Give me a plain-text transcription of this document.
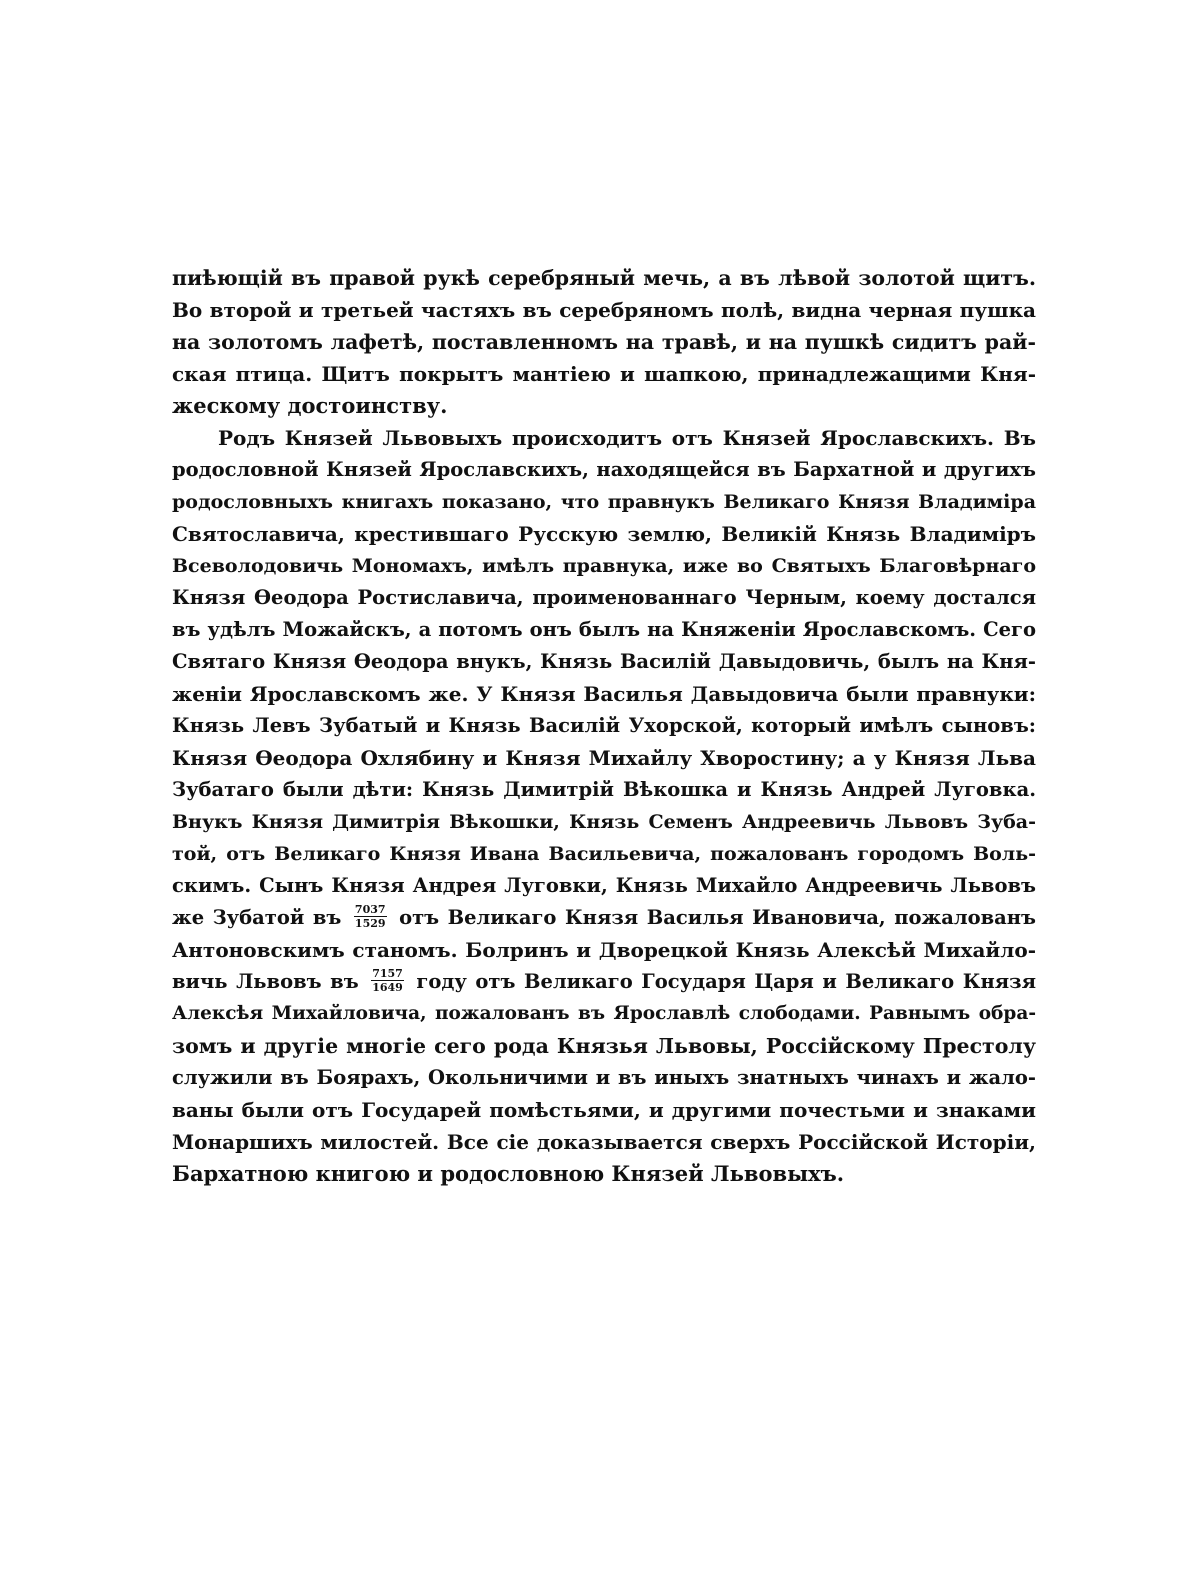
пиѣющій въ правой рукѣ серебряный мечь, а въ лѣвой золотой щитъ.
Во второй и третьей частяхъ въ серебряномъ полѣ, видна черная пушка
на золотомъ лафетѣ, поставленномъ на травѣ, и на пушкѣ сидитъ рай-
ская птица. Щитъ покрытъ мантiею и шапкою, принадлежащими Кня-
жескому достоинству.
Родъ Князей Львовыхъ происходитъ отъ Князей Ярославскихъ. Въ
родословной Князей Ярославскихъ, находящейся въ Бархатной и другихъ
родословныхъ книгахъ показано, что правнукъ Великаго Князя Владиміра
Святославича, крестившаго Русскую землю, Великій Князь Владиміръ
Всеволодовичь Мономахъ, имѣлъ правнука, иже во Святыхъ Благовѣрнаго
Князя Өеодора Ростиславича, проименованнаго Черным, коему достался
въ удѣлъ Можайскъ, а потомъ онъ былъ на Княженіи Ярославскомъ. Сего
Святаго Князя Өеодора внукъ, Князь Василій Давыдовичь, былъ на Кня-
женіи Ярославскомъ же. У Князя Василья Давыдовича были правнуки:
Князь Левъ Зубатый и Князь Василій Ухорской, который имѣлъ сыновъ:
Князя Өеодора Охлябину и Князя Михайлу Хворостину; а у Князя Льва
Зубатаго были дѣти: Князь Димитрій Вѣкошка и Князь Андрей Луговка.
Внукъ Князя Димитрія Вѣкошки, Князь Семенъ Андреевичь Львовъ Зуба-
той, отъ Великаго Князя Ивана Васильевича, пожалованъ городомъ Воль-
скимъ. Сынъ Князя Андрея Луговки, Князь Михайло Андреевичь Львовъ
же Зубатой въ $\frac{7037}{1529}$ отъ Великаго Князя Василья Ивановича, пожалованъ
Антоновскимъ станомъ. Болринъ и Дворецкой Князь Алексѣй Михайло-
вичь Львовъ въ $\frac{7157}{1649}$ году отъ Великаго Государя Царя и Великаго Князя
Алексѣя Михайловича, пожалованъ въ Ярославлѣ слободами. Равнымъ обра-
зомъ и другіе многіе сего рода Князья Львовы, Россійскому Престолу
служили въ Боярахъ, Окольничими и въ иныхъ знатныхъ чинахъ и жало-
ваны были отъ Государей помѣстьями, и другими почестьми и знаками
Монаршихъ милостей. Все сіе доказывается сверхъ Россійской Исторіи,
Бархатною книгою и родословною Князей Львовыхъ.
